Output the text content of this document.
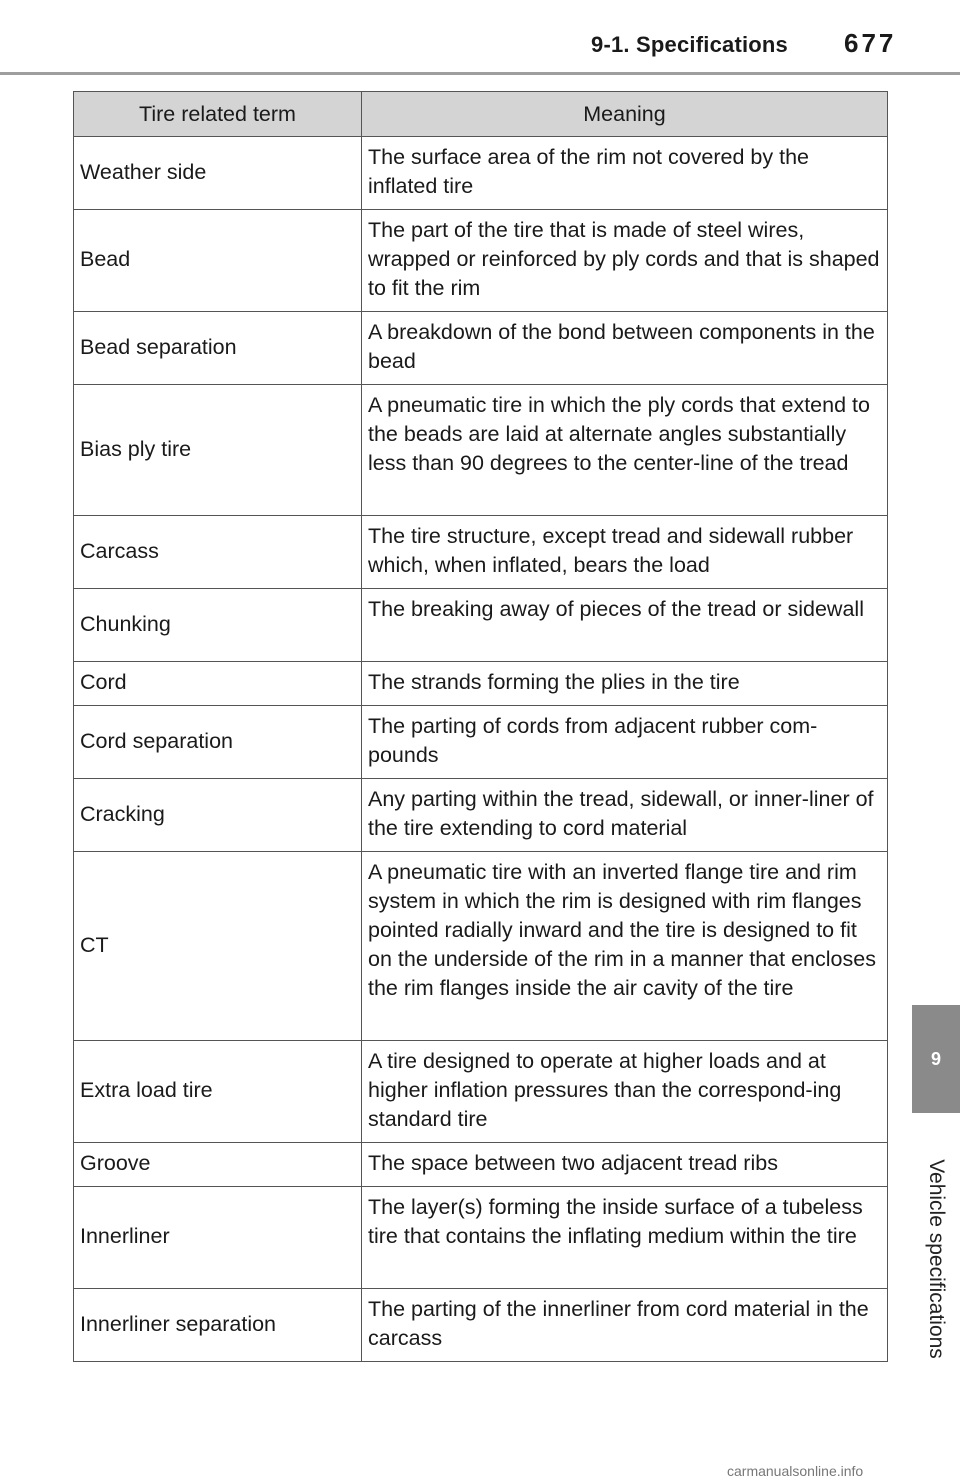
9-1. Specifications 677
Tire related term	Meaning
Weather side	The surface area of the rim not covered by the inflated tire
Bead	The part of the tire that is made of steel wires, wrapped or reinforced by ply cords and that is shaped to fit the rim
Bead separation	A breakdown of the bond between components in the bead
Bias ply tire	A pneumatic tire in which the ply cords that extend to the beads are laid at alternate angles substantially less than 90 degrees to the center-line of the tread
Carcass	The tire structure, except tread and sidewall rubber which, when inflated, bears the load
Chunking	The breaking away of pieces of the tread or sidewall
Cord	The strands forming the plies in the tire
Cord separation	The parting of cords from adjacent rubber com-pounds
Cracking	Any parting within the tread, sidewall, or inner-liner of the tire extending to cord material
CT	A pneumatic tire with an inverted flange tire and rim system in which the rim is designed with rim flanges pointed radially inward and the tire is designed to fit on the underside of the rim in a manner that encloses the rim flanges inside the air cavity of the tire
Extra load tire	A tire designed to operate at higher loads and at higher inflation pressures than the correspond-ing standard tire
Groove	The space between two adjacent tread ribs
Innerliner	The layer(s) forming the inside surface of a tubeless tire that contains the inflating medium within the tire
Innerliner separation	The parting of the innerliner from cord material in the carcass
9
Vehicle specifications
carmanualsonline.info
